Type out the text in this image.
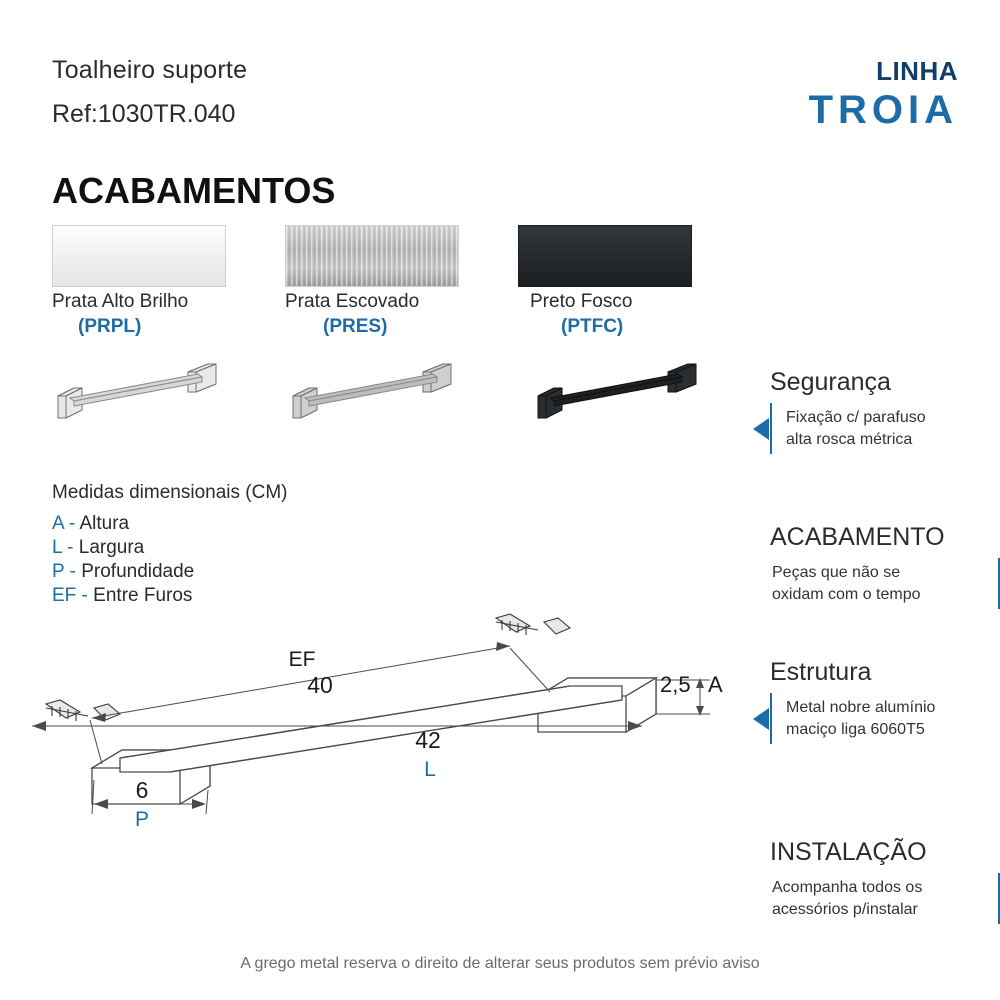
Toalheiro suporte
Ref:1030TR.040
LINHA
TROIA
ACABAMENTOS
Prata Alto Brilho
(PRPL)
Prata Escovado
(PRES)
Preto Fosco
(PTFC)
Medidas dimensionais (CM)
A - Altura
L - Largura
P - Profundidade
EF - Entre Furos
EF
40	2,5 A
42
L
6
P
Segurança
Fixação c/ parafuso
alta rosca métrica
ACABAMENTO
Peças que não se
oxidam com o tempo
Estrutura
Metal nobre alumínio
maciço liga 6060T5
INSTALAÇÃO
Acompanha todos os
acessórios p/instalar
A grego metal reserva o direito de alterar seus produtos sem prévio aviso
